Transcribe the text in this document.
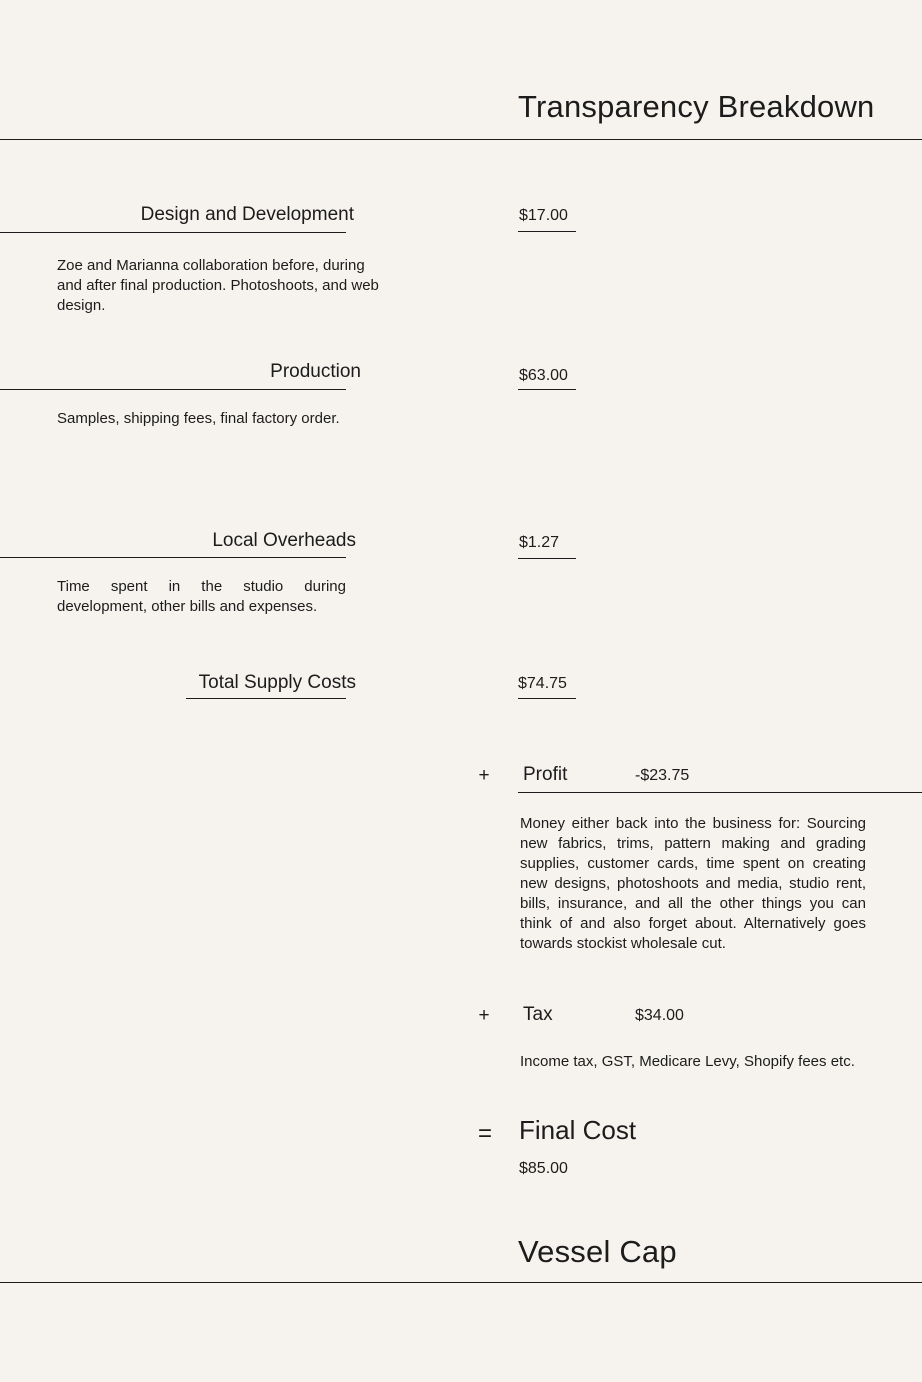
Transparency Breakdown
Design and Development	$17.00
Zoe and Marianna collaboration before, during and after final production. Photoshoots, and web design.
Production	$63.00
Samples, shipping fees, final factory order.
Local Overheads	$1.27
Time spent in the studio during development, other bills and expenses.
Total Supply Costs	$74.75
+ Profit	-$23.75
Money either back into the business for: Sourcing new fabrics, trims, pattern making and grading supplies, customer cards, time spent on creating new designs, photoshoots and media, studio rent, bills, insurance, and all the other things you can think of and also forget about. Alternatively goes towards stockist wholesale cut.
+ Tax	$34.00
Income tax, GST, Medicare Levy, Shopify fees etc.
= Final Cost
$85.00
Vessel Cap
